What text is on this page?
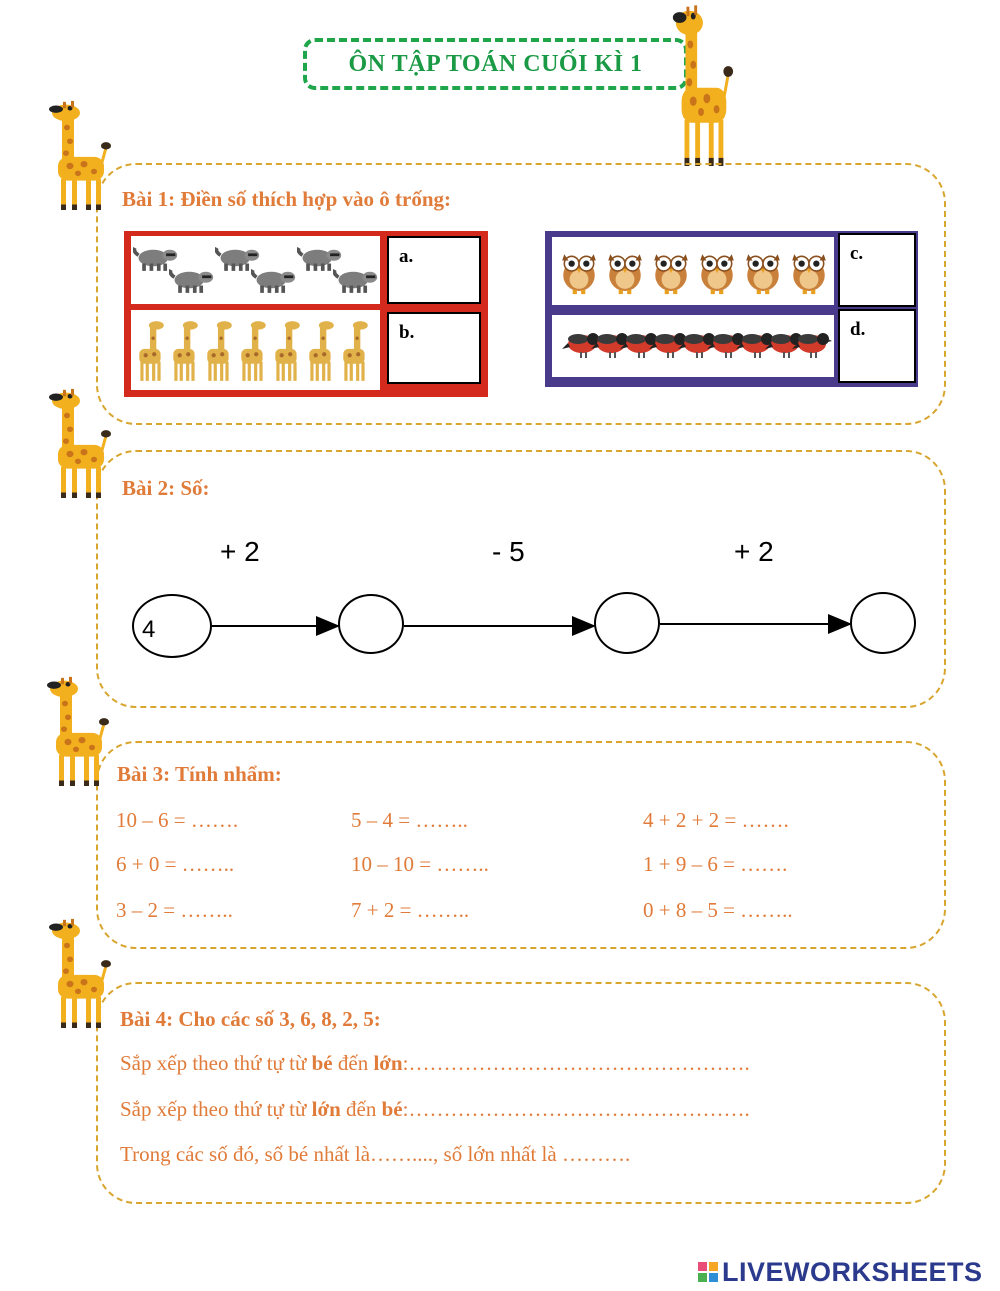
ÔN TẬP TOÁN CUỐI KÌ 1
Bài 1: Điền số thích hợp vào ô trống:
a.
b.
c.
d.
Bài 2: Số:
+ 2	- 5	+ 2
4
Bài 3: Tính nhẩm:
10 – 6 = …….	5 – 4 = ……..	4 + 2 + 2 = …….
6 + 0 = ……..	10 – 10 = ……..	1 + 9 – 6 = …….
3 – 2 = ……..	7 + 2 = ……..	0 + 8 – 5 = ……..
Bài 4: Cho các số 3, 6, 8, 2, 5:
Sắp xếp theo thứ tự từ bé đến lớn:………………………………………….
Sắp xếp theo thứ tự từ lớn đến bé:………………………………………….
Trong các số đó, số bé nhất là……...., số lớn nhất là ……….
LIVEWORKSHEETS
